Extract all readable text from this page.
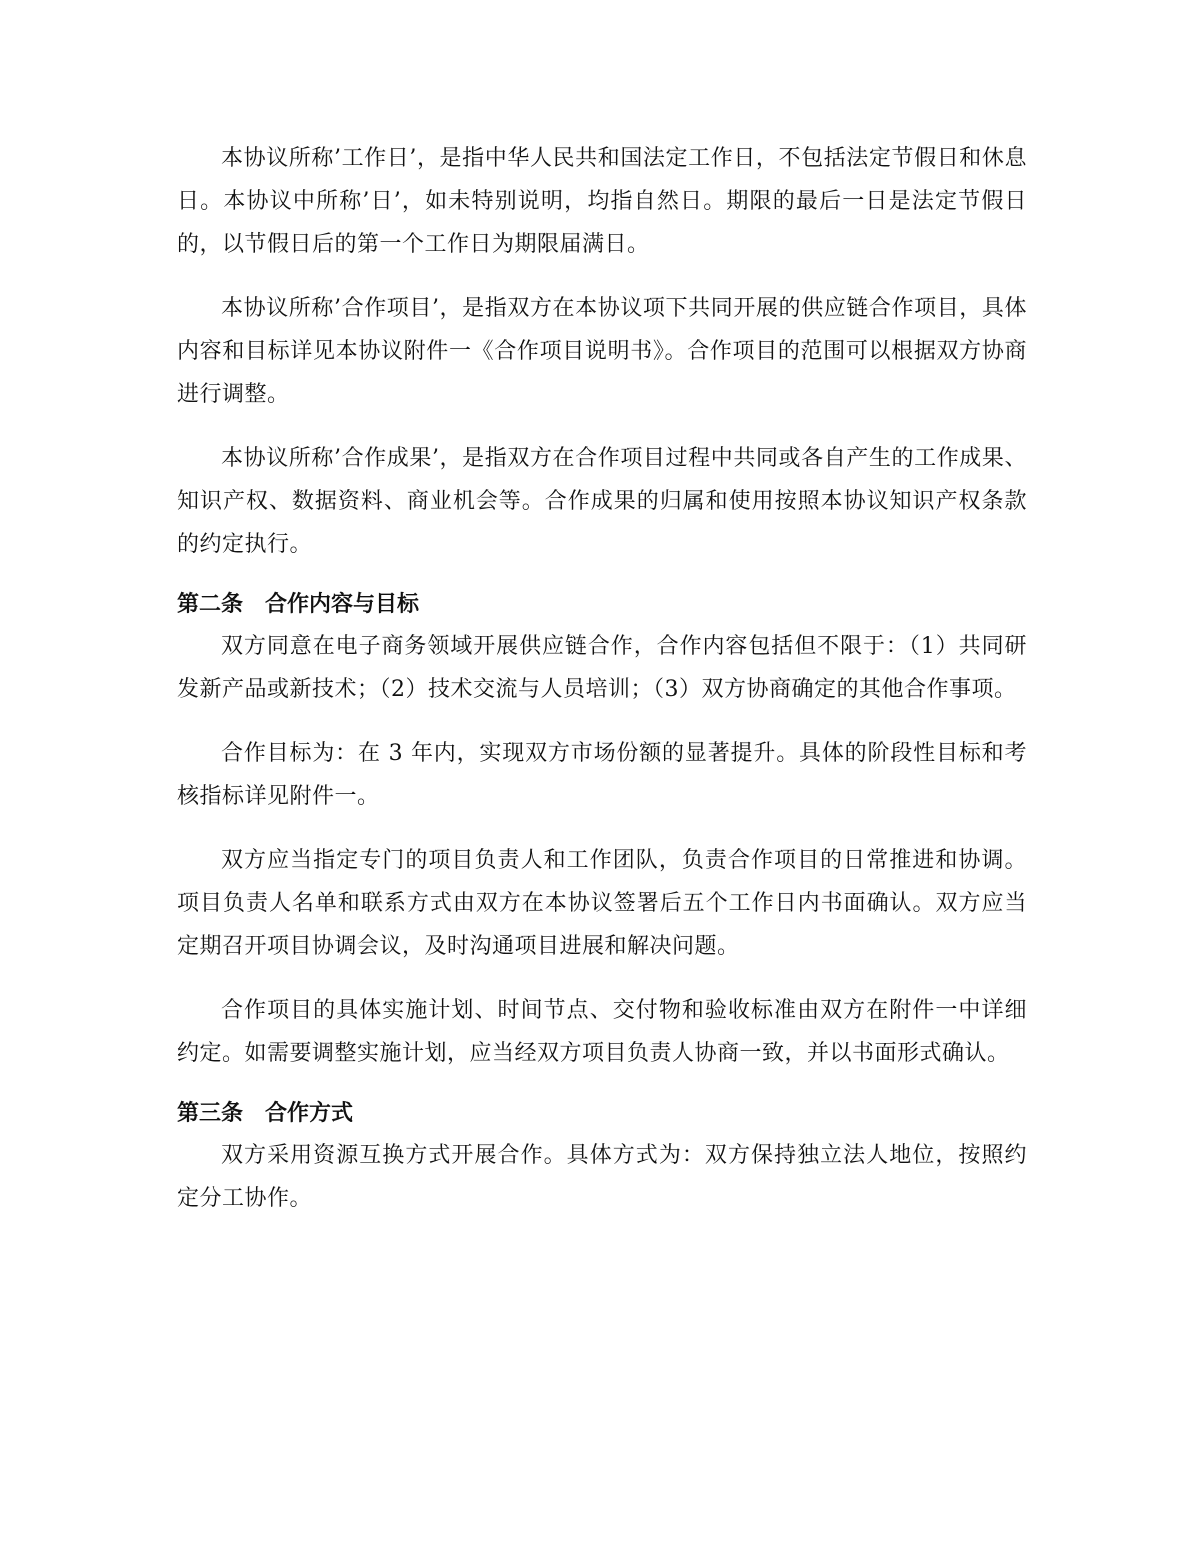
本协议所称’工作日’，是指中华人民共和国法定工作日，不包括法定节假日和休息日。本协议中所称’日’，如未特别说明，均指自然日。期限的最后一日是法定节假日的，以节假日后的第一个工作日为期限届满日。

本协议所称’合作项目’，是指双方在本协议项下共同开展的供应链合作项目，具体内容和目标详见本协议附件一《合作项目说明书》。合作项目的范围可以根据双方协商进行调整。

本协议所称’合作成果’，是指双方在合作项目过程中共同或各自产生的工作成果、知识产权、数据资料、商业机会等。合作成果的归属和使用按照本协议知识产权条款的约定执行。

第二条　合作内容与目标

双方同意在电子商务领域开展供应链合作，合作内容包括但不限于：（1）共同研发新产品或新技术；（2）技术交流与人员培训；（3）双方协商确定的其他合作事项。

合作目标为：在 3 年内，实现双方市场份额的显著提升。具体的阶段性目标和考核指标详见附件一。

双方应当指定专门的项目负责人和工作团队，负责合作项目的日常推进和协调。项目负责人名单和联系方式由双方在本协议签署后五个工作日内书面确认。双方应当定期召开项目协调会议，及时沟通项目进展和解决问题。

合作项目的具体实施计划、时间节点、交付物和验收标准由双方在附件一中详细约定。如需要调整实施计划，应当经双方项目负责人协商一致，并以书面形式确认。

第三条　合作方式

双方采用资源互换方式开展合作。具体方式为：双方保持独立法人地位，按照约定分工协作。
